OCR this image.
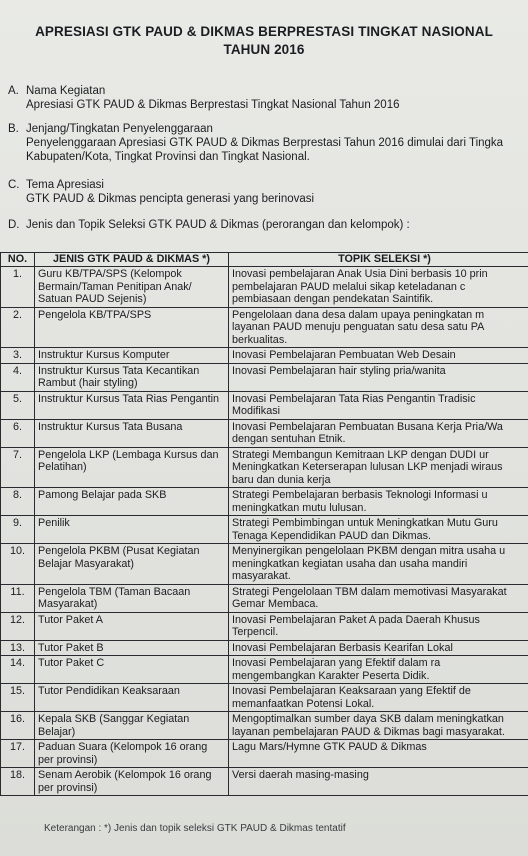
APRESIASI GTK PAUD & DIKMAS BERPRESTASI TINGKAT NASIONAL
TAHUN 2016
A. Nama Kegiatan
Apresiasi GTK PAUD & Dikmas Berprestasi Tingkat Nasional Tahun 2016
B. Jenjang/Tingkatan Penyelenggaraan
Penyelenggaraan Apresiasi GTK PAUD & Dikmas Berprestasi Tahun 2016 dimulai dari Tingka
Kabupaten/Kota, Tingkat Provinsi dan Tingkat Nasional.
C. Tema Apresiasi
GTK PAUD & Dikmas pencipta generasi yang berinovasi
D. Jenis dan Topik Seleksi GTK PAUD & Dikmas (perorangan dan kelompok) :
NO.	JENIS GTK PAUD & DIKMAS *)	TOPIK SELEKSI *)
1.	Guru KB/TPA/SPS (Kelompok Bermain/Taman Penitipan Anak/ Satuan PAUD Sejenis)	Inovasi pembelajaran Anak Usia Dini berbasis 10 prin
pembelajaran PAUD melalui sikap keteladanan c
pembiasaan dengan pendekatan Saintifik.

2.	Pengelola KB/TPA/SPS	Pengelolaan dana desa dalam upaya peningkatan m
layanan PAUD menuju penguatan satu desa satu PA
berkualitas.

3.	Instruktur Kursus Komputer	Inovasi Pembelajaran Pembuatan Web Desain

4.	Instruktur Kursus Tata Kecantikan Rambut (hair styling)	Inovasi Pembelajaran hair styling pria/wanita

5.	Instruktur Kursus Tata Rias Pengantin	Inovasi Pembelajaran Tata Rias Pengantin Tradisic
Modifikasi

6.	Instruktur Kursus Tata Busana	Inovasi Pembelajaran Pembuatan Busana Kerja Pria/Wa
dengan sentuhan Etnik.

7.	Pengelola LKP (Lembaga Kursus dan Pelatihan)	Strategi Membangun Kemitraan LKP dengan DUDI ur
Meningkatkan Keterserapan lulusan LKP menjadi wiraus
baru dan dunia kerja

8.	Pamong Belajar pada SKB	Strategi Pembelajaran berbasis Teknologi Informasi u
meningkatkan mutu lulusan.

9.	Penilik	Strategi Pembimbingan untuk Meningkatkan Mutu Guru
Tenaga Kependidikan PAUD dan Dikmas.

10.	Pengelola PKBM (Pusat Kegiatan Belajar Masyarakat)	Menyinergikan pengelolaan PKBM dengan mitra usaha u
meningkatkan kegiatan usaha dan usaha mandiri
masyarakat.

11.	Pengelola TBM (Taman Bacaan Masyarakat)	Strategi Pengelolaan TBM dalam memotivasi Masyarakat
Gemar Membaca.

12.	Tutor Paket A	Inovasi Pembelajaran Paket A pada Daerah Khusus
Terpencil.

13.	Tutor Paket B	Inovasi Pembelajaran Berbasis Kearifan Lokal

14.	Tutor Paket C	Inovasi Pembelajaran yang Efektif dalam ra
mengembangkan Karakter Peserta Didik.

15.	Tutor Pendidikan Keaksaraan	Inovasi Pembelajaran Keaksaraan yang Efektif de
memanfaatkan Potensi Lokal.

16.	Kepala SKB (Sanggar Kegiatan Belajar)	Mengoptimalkan sumber daya SKB dalam meningkatkan
layanan pembelajaran PAUD & Dikmas bagi masyarakat.

17.	Paduan Suara (Kelompok 16 orang per provinsi)	Lagu Mars/Hymne GTK PAUD & Dikmas

18.	Senam Aerobik (Kelompok 16 orang per provinsi)	Versi daerah masing-masing
Keterangan : *) Jenis dan topik seleksi GTK PAUD & Dikmas tentatif
